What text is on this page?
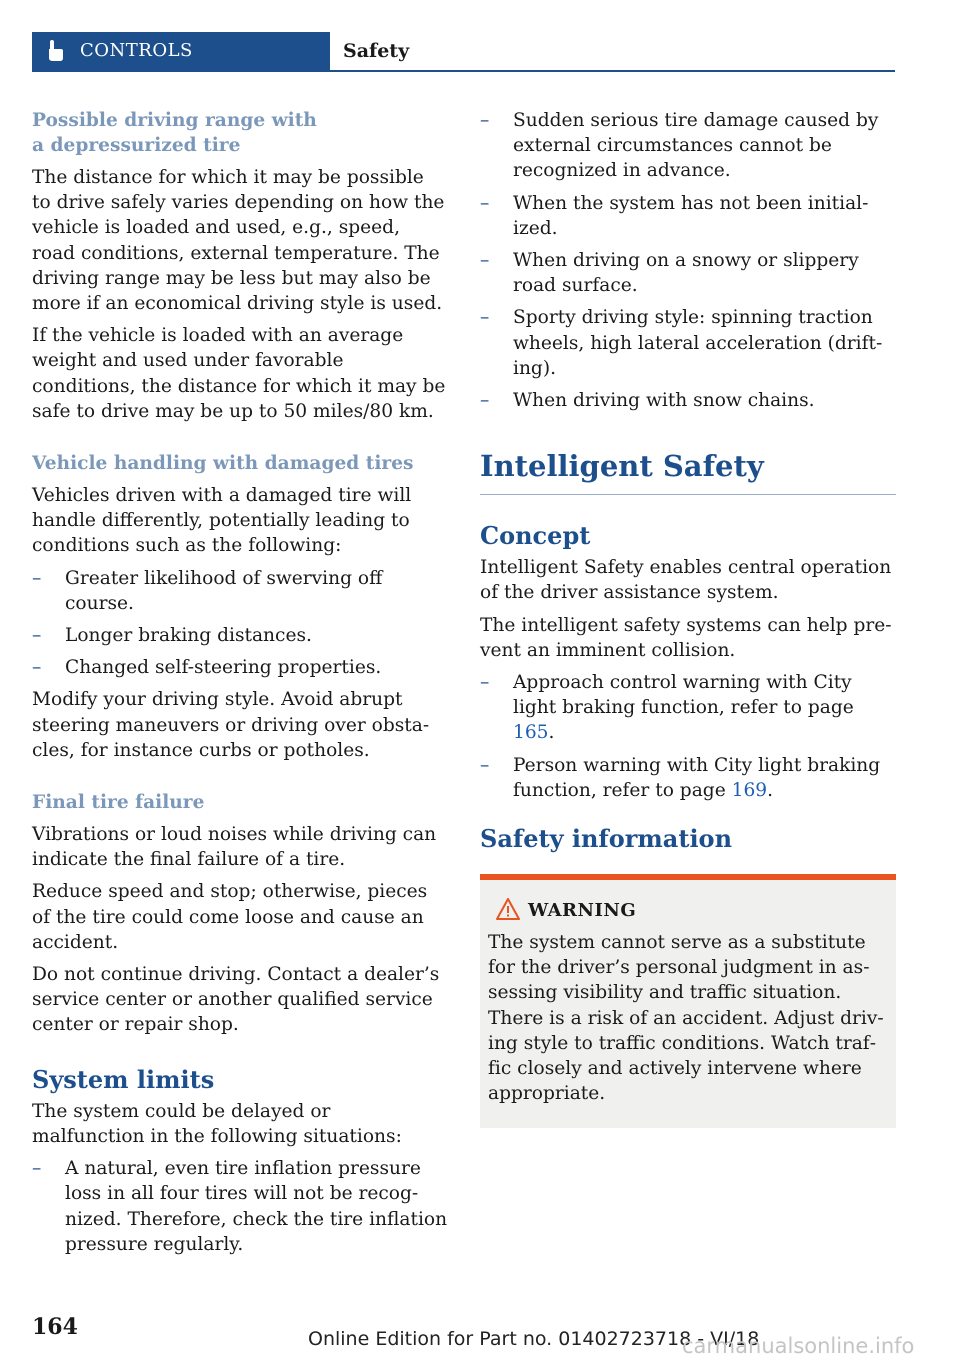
CONTROLS	Safety
Possible driving range with a depressurized tire

The distance for which it may be possible to drive safely varies depending on how the vehicle is loaded and used, e.g., speed, road conditions, external temperature. The driving range may be less but may also be more if an economical driving style is used.

If the vehicle is loaded with an average weight and used under favorable conditions, the distance for which it may be safe to drive may be up to 50 miles/80 km.

Vehicle handling with damaged tires

Vehicles driven with a damaged tire will handle differently, potentially leading to conditions such as the following:

– Greater likelihood of swerving off course.
– Longer braking distances.
– Changed self-steering properties.

Modify your driving style. Avoid abrupt steering maneuvers or driving over obstacles, for instance curbs or potholes.

Final tire failure

Vibrations or loud noises while driving can indicate the final failure of a tire.

Reduce speed and stop; otherwise, pieces of the tire could come loose and cause an accident.

Do not continue driving. Contact a dealer’s service center or another qualified service center or repair shop.

System limits

The system could be delayed or malfunction in the following situations:

– A natural, even tire inflation pressure loss in all four tires will not be recognized. Therefore, check the tire inflation pressure regularly.
– Sudden serious tire damage caused by external circumstances cannot be recognized in advance.
– When the system has not been initialized.
– When driving on a snowy or slippery road surface.
– Sporty driving style: spinning traction wheels, high lateral acceleration (drifting).
– When driving with snow chains.
Intelligent Safety
Concept

Intelligent Safety enables central operation of the driver assistance system.

The intelligent safety systems can help prevent an imminent collision.

– Approach control warning with City light braking function, refer to page 165.
– Person warning with City light braking function, refer to page 169.
Safety information
WARNING

The system cannot serve as a substitute for the driver’s personal judgment in assessing visibility and traffic situation. There is a risk of an accident. Adjust driving style to traffic conditions. Watch traffic closely and actively intervene where appropriate.

164	Online Edition for Part no. 01402723718 - VI/18
carmanualsonline.info
